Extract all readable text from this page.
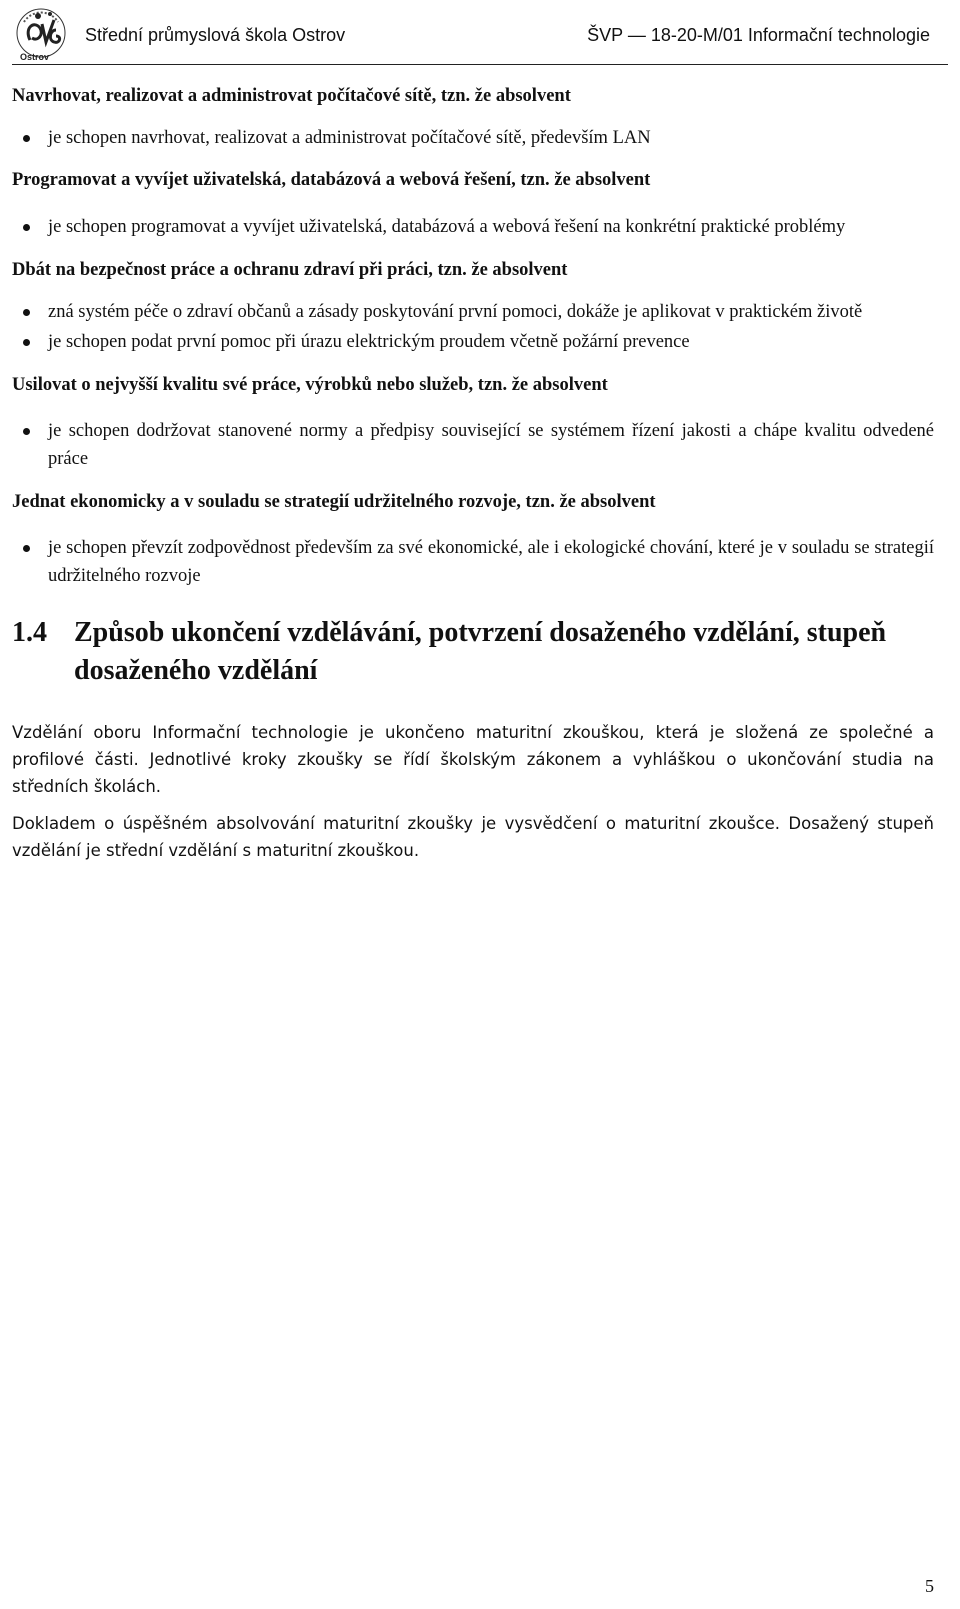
Ostrov
Střední průmyslová škola Ostrov	ŠVP — 18-20-M/01 Informační technologie
Navrhovat, realizovat a administrovat počítačové sítě, tzn. že absolvent
je schopen navrhovat, realizovat a administrovat počítačové sítě, především LAN
Programovat a vyvíjet uživatelská, databázová a webová řešení, tzn. že absolvent
je schopen programovat a vyvíjet uživatelská, databázová a webová řešení na konkrétní praktické problémy
Dbát na bezpečnost práce a ochranu zdraví při práci, tzn. že absolvent
zná systém péče o zdraví občanů a zásady poskytování první pomoci, dokáže je aplikovat v praktickém životě
je schopen podat první pomoc při úrazu elektrickým proudem včetně požární prevence
Usilovat o nejvyšší kvalitu své práce, výrobků nebo služeb, tzn. že absolvent
je schopen dodržovat stanovené normy a předpisy související se systémem řízení jakosti a chápe kvalitu odvedené práce
Jednat ekonomicky a v souladu se strategií udržitelného rozvoje, tzn. že absolvent
je schopen převzít zodpovědnost především za své ekonomické, ale i ekologické chování, které je v souladu se strategií udržitelného rozvoje
1.4 Způsob ukončení vzdělávání, potvrzení dosaženého vzdělání, stupeň dosaženého vzdělání

Vzdělání oboru Informační technologie je ukončeno maturitní zkouškou, která je složená ze společné a profilové části. Jednotlivé kroky zkoušky se řídí školským zákonem a vyhláškou o ukončování studia na středních školách.

Dokladem o úspěšném absolvování maturitní zkoušky je vysvědčení o maturitní zkoušce. Dosažený stupeň vzdělání je střední vzdělání s maturitní zkouškou.

5
